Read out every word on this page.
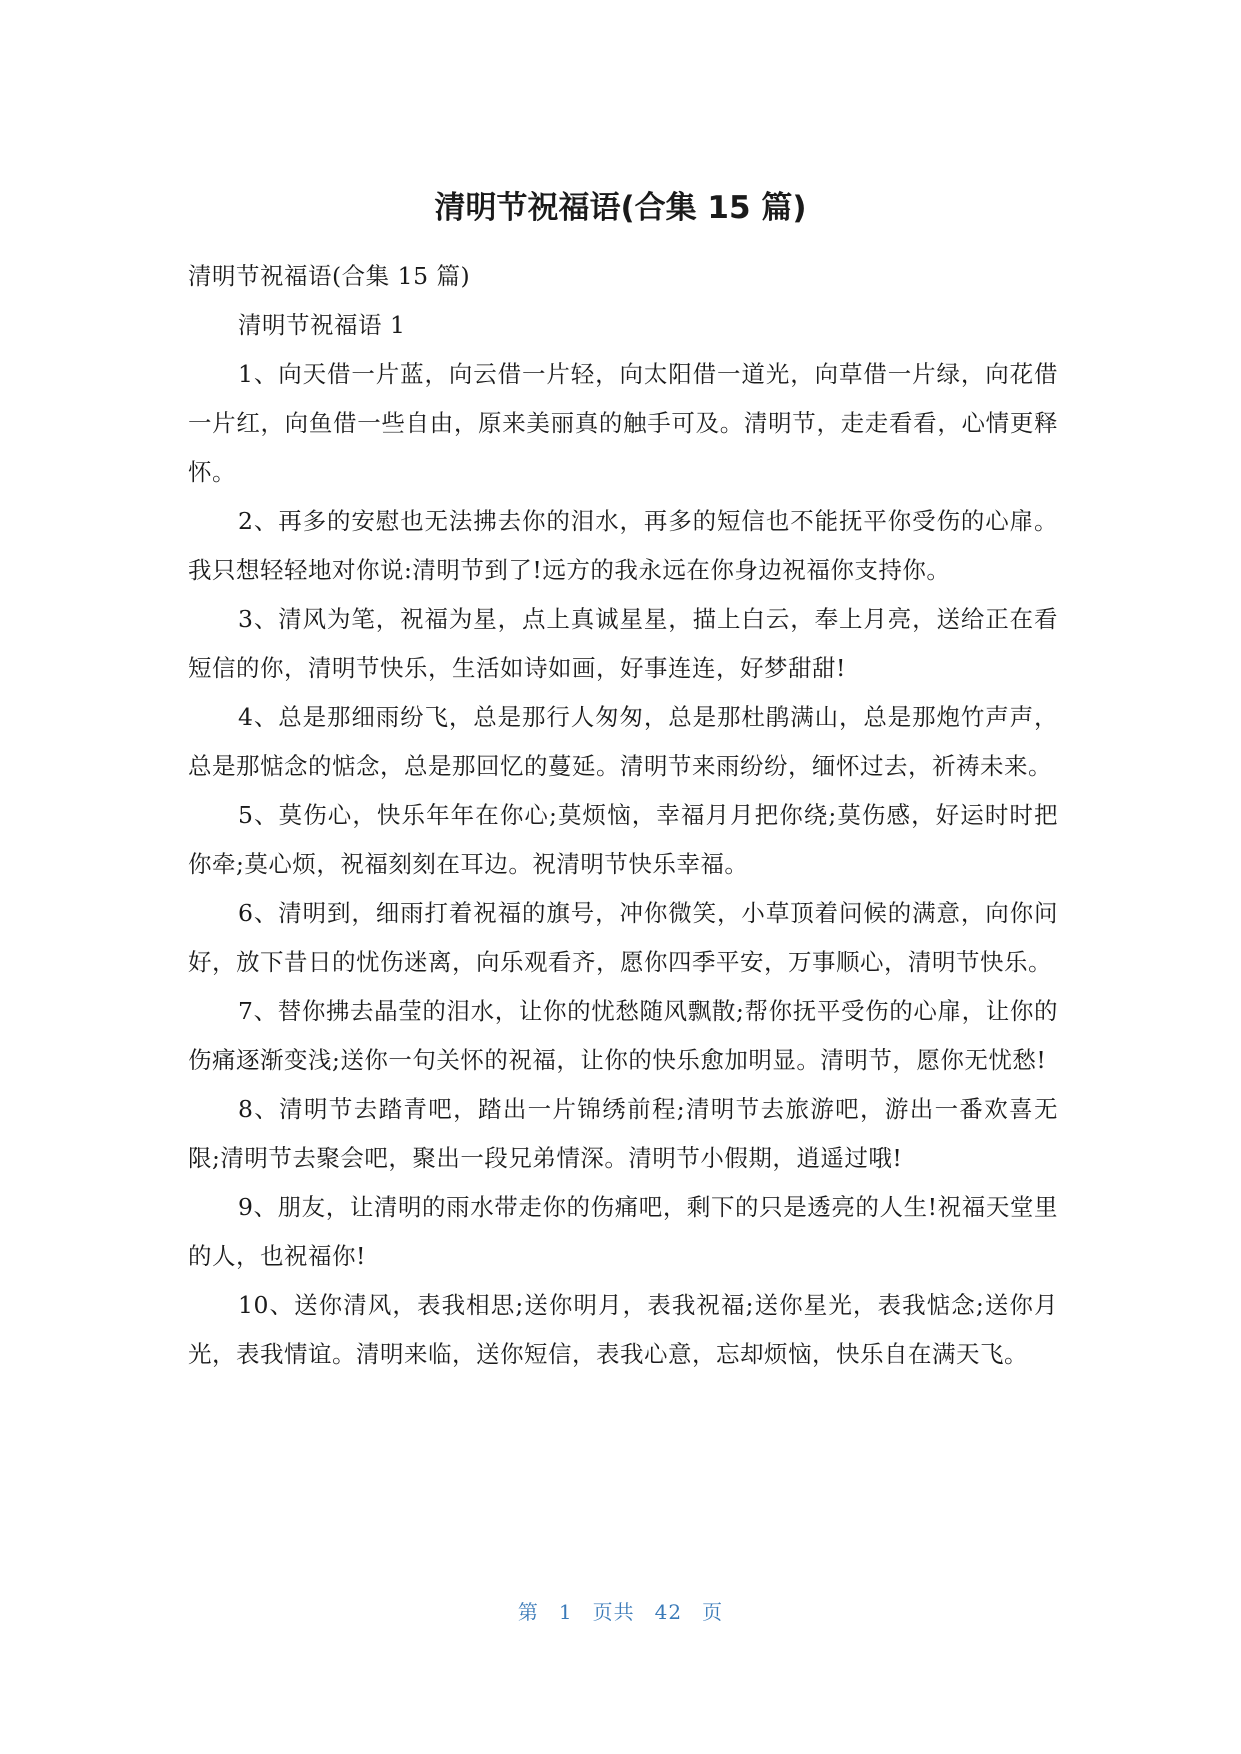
清明节祝福语(合集 15 篇)

清明节祝福语(合集 15 篇)

清明节祝福语 1

1、向天借一片蓝，向云借一片轻，向太阳借一道光，向草借一片绿，向花借一片红，向鱼借一些自由，原来美丽真的触手可及。清明节，走走看看，心情更释怀。

2、再多的安慰也无法拂去你的泪水，再多的短信也不能抚平你受伤的心扉。我只想轻轻地对你说:清明节到了!远方的我永远在你身边祝福你支持你。

3、清风为笔，祝福为星，点上真诚星星，描上白云，奉上月亮，送给正在看短信的你，清明节快乐，生活如诗如画，好事连连，好梦甜甜!

4、总是那细雨纷飞，总是那行人匆匆，总是那杜鹃满山，总是那炮竹声声，总是那惦念的惦念，总是那回忆的蔓延。清明节来雨纷纷，缅怀过去，祈祷未来。

5、莫伤心，快乐年年在你心;莫烦恼，幸福月月把你绕;莫伤感，好运时时把你牵;莫心烦，祝福刻刻在耳边。祝清明节快乐幸福。

6、清明到，细雨打着祝福的旗号，冲你微笑，小草顶着问候的满意，向你问好，放下昔日的忧伤迷离，向乐观看齐，愿你四季平安，万事顺心，清明节快乐。

7、替你拂去晶莹的泪水，让你的忧愁随风飘散;帮你抚平受伤的心扉，让你的伤痛逐渐变浅;送你一句关怀的祝福，让你的快乐愈加明显。清明节，愿你无忧愁!

8、清明节去踏青吧，踏出一片锦绣前程;清明节去旅游吧，游出一番欢喜无限;清明节去聚会吧，聚出一段兄弟情深。清明节小假期，逍遥过哦!

9、朋友，让清明的雨水带走你的伤痛吧，剩下的只是透亮的人生!祝福天堂里的人，也祝福你!

10、送你清风，表我相思;送你明月，表我祝福;送你星光，表我惦念;送你月光，表我情谊。清明来临，送你短信，表我心意，忘却烦恼，快乐自在满天飞。

第 1 页共 42 页
